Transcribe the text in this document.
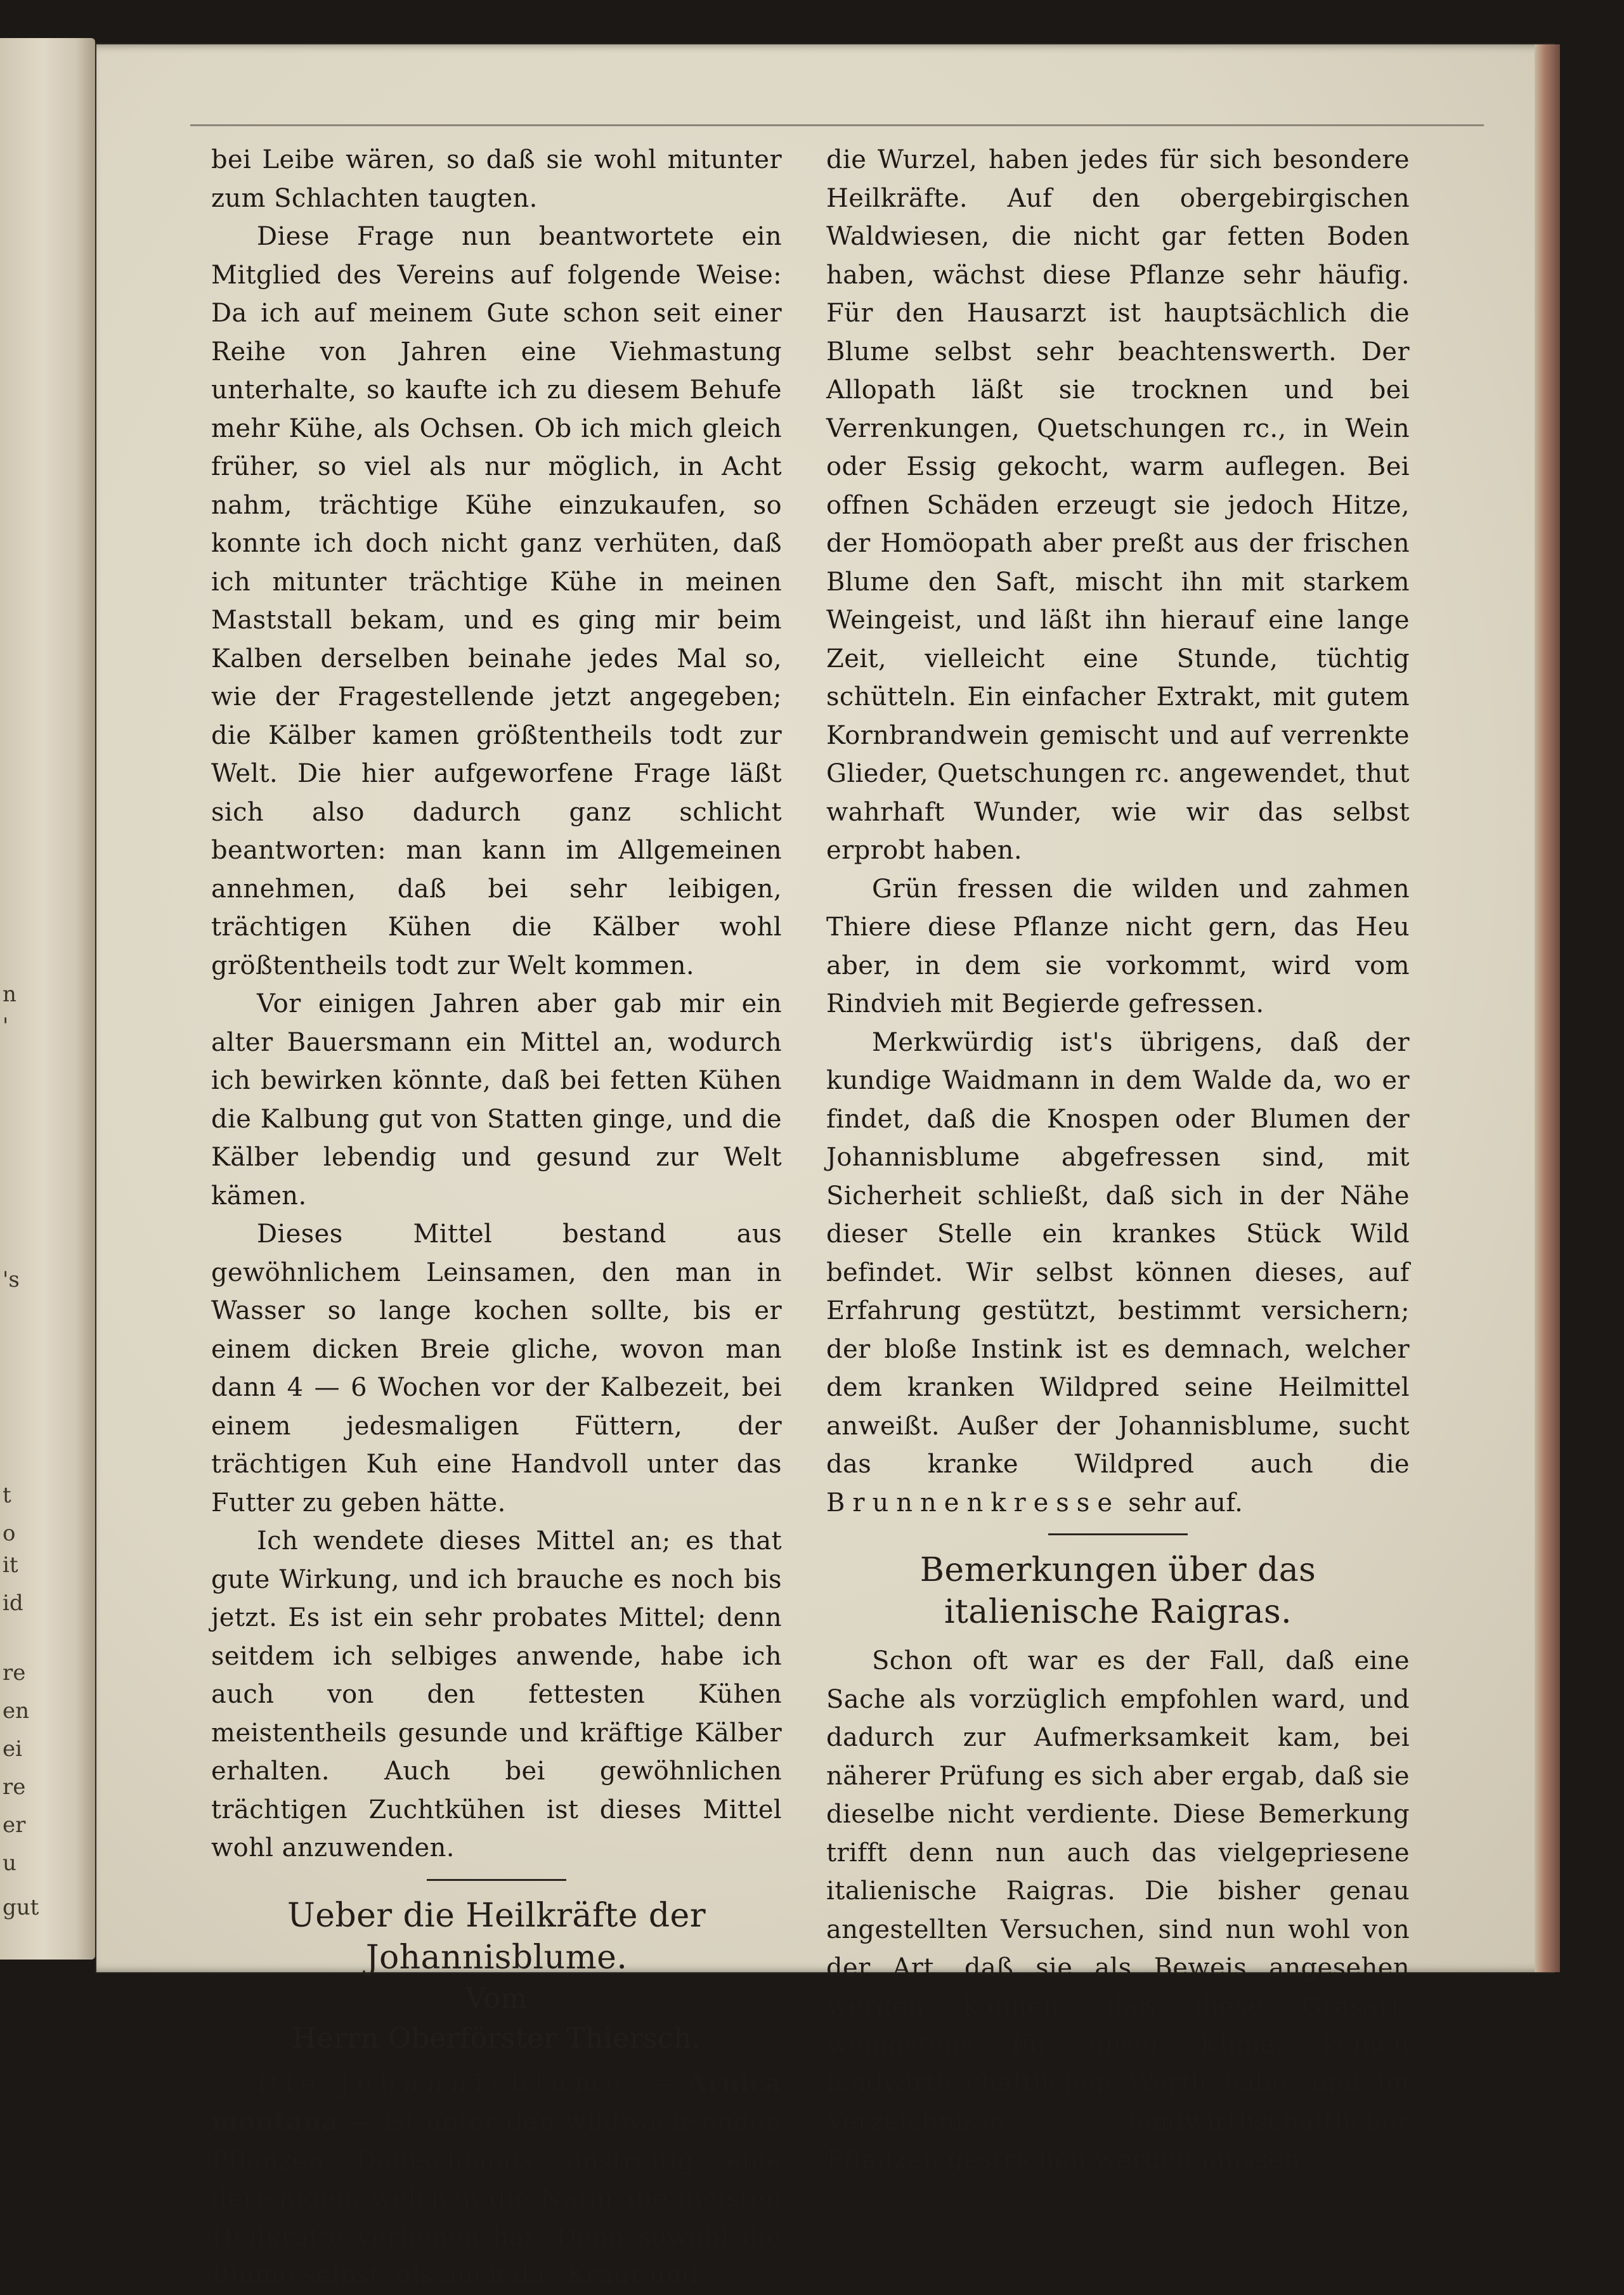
n
'
's
t
o
it
id
re
en
ei
re
er
u
gut

bei Leibe wären, so daß sie wohl mitunter zum Schlachten taugten.

Diese Frage nun beantwortete ein Mitglied des Vereins auf folgende Weise: Da ich auf meinem Gute schon seit einer Reihe von Jahren eine Viehmastung unterhalte, so kaufte ich zu diesem Behufe mehr Kühe, als Ochsen. Ob ich mich gleich früher, so viel als nur möglich, in Acht nahm, trächtige Kühe einzukaufen, so konnte ich doch nicht ganz verhüten, daß ich mitunter trächtige Kühe in meinen Maststall bekam, und es ging mir beim Kalben derselben beinahe jedes Mal so, wie der Fragestellende jetzt angegeben; die Kälber kamen größtentheils todt zur Welt. Die hier aufgeworfene Frage läßt sich also dadurch ganz schlicht beantworten: man kann im Allgemeinen annehmen, daß bei sehr leibigen, trächtigen Kühen die Kälber wohl größtentheils todt zur Welt kommen.

Vor einigen Jahren aber gab mir ein alter Bauersmann ein Mittel an, wodurch ich bewirken könnte, daß bei fetten Kühen die Kalbung gut von Statten ginge, und die Kälber lebendig und gesund zur Welt kämen.

Dieses Mittel bestand aus gewöhnlichem Leinsamen, den man in Wasser so lange kochen sollte, bis er einem dicken Breie gliche, wovon man dann 4 — 6 Wochen vor der Kalbezeit, bei einem jedesmaligen Füttern, der trächtigen Kuh eine Handvoll unter das Futter zu geben hätte.

Ich wendete dieses Mittel an; es that gute Wirkung, und ich brauche es noch bis jetzt. Es ist ein sehr probates Mittel; denn seitdem ich selbiges anwende, habe ich auch von den fettesten Kühen meistentheils gesunde und kräftige Kälber erhalten. Auch bei gewöhnlichen trächtigen Zuchtkühen ist dieses Mittel wohl anzuwenden.

Ueber die Heilkräfte der Johannisblume.
Vom
Herrn Oberförster Thiersch.

Die Johannisblume, — Arnica montana — ist unter den wildwachsenden Pflanzen Deutschlands unstreitig eine derjenigen, welchen die Natur die meisten Heilkräfte verliehen hat. Denn sowohl die Blume selbst, als auch das Kraut und

die Wurzel, haben jedes für sich besondere Heilkräfte. Auf den obergebirgischen Waldwiesen, die nicht gar fetten Boden haben, wächst diese Pflanze sehr häufig. Für den Hausarzt ist hauptsächlich die Blume selbst sehr beachtenswerth. Der Allopath läßt sie trocknen und bei Verrenkungen, Quetschungen rc., in Wein oder Essig gekocht, warm auflegen. Bei offnen Schäden erzeugt sie jedoch Hitze, der Homöopath aber preßt aus der frischen Blume den Saft, mischt ihn mit starkem Weingeist, und läßt ihn hierauf eine lange Zeit, vielleicht eine Stunde, tüchtig schütteln. Ein einfacher Extrakt, mit gutem Kornbrandwein gemischt und auf verrenkte Glieder, Quetschungen rc. angewendet, thut wahrhaft Wunder, wie wir das selbst erprobt haben.

Grün fressen die wilden und zahmen Thiere diese Pflanze nicht gern, das Heu aber, in dem sie vorkommt, wird vom Rindvieh mit Begierde gefressen.

Merkwürdig ist's übrigens, daß der kundige Waidmann in dem Walde da, wo er findet, daß die Knospen oder Blumen der Johannisblume abgefressen sind, mit Sicherheit schließt, daß sich in der Nähe dieser Stelle ein krankes Stück Wild befindet. Wir selbst können dieses, auf Erfahrung gestützt, bestimmt versichern; der bloße Instink ist es demnach, welcher dem kranken Wildpred seine Heilmittel anweißt. Außer der Johannisblume, sucht das kranke Wildpred auch die Brunnenkresse sehr auf.

Bemerkungen über das italienische Raigras.

Schon oft war es der Fall, daß eine Sache als vorzüglich empfohlen ward, und dadurch zur Aufmerksamkeit kam, bei näherer Prüfung es sich aber ergab, daß sie dieselbe nicht verdiente. Diese Bemerkung trifft denn nun auch das vielgepriesene italienische Raigras. Die bisher genau angestellten Versuchen, sind nun wohl von der Art, daß sie als Beweis angesehen werden können, daß diese Grasart, wenigstens für unser Klima, keinen landwirthschaftlichen Werth habe, und im Verzeichnisse landwirthschaftlicher Pflanzen gestrichen werden müssen
